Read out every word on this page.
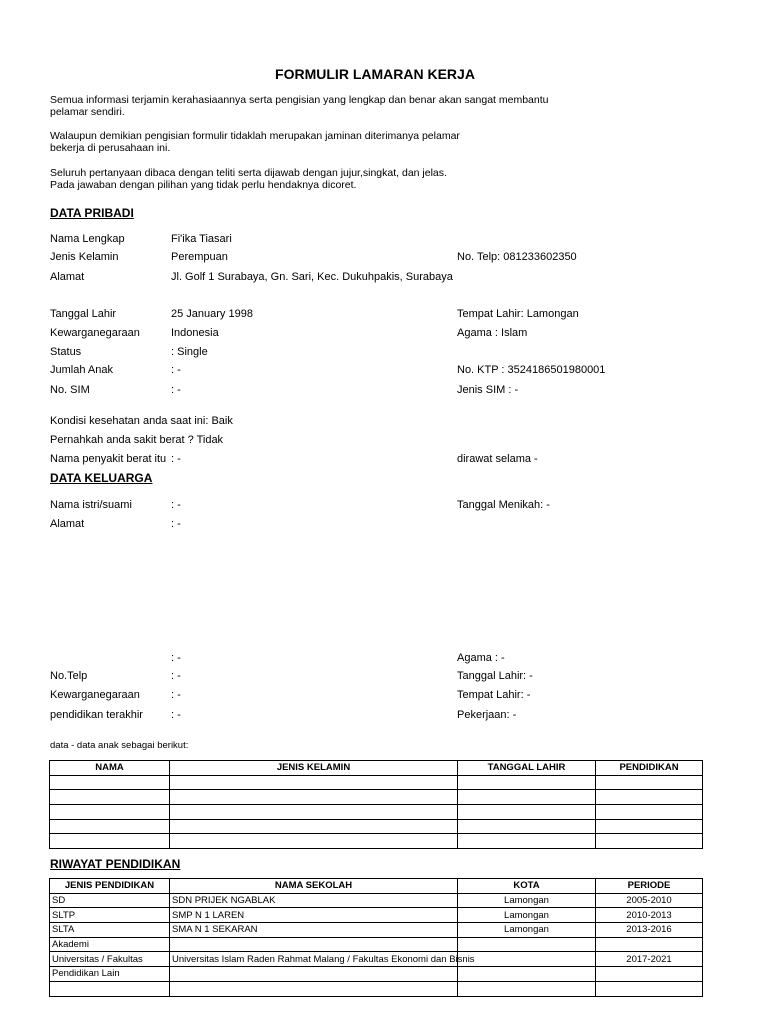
FORMULIR LAMARAN KERJA
Semua informasi terjamin kerahasiaannya serta pengisian yang lengkap dan benar akan sangat membantu pelamar sendiri.
Walaupun demikian pengisian formulir tidaklah merupakan jaminan diterimanya pelamar bekerja di perusahaan ini.
Seluruh pertanyaan dibaca dengan teliti serta dijawab dengan jujur,singkat, dan jelas. Pada jawaban dengan pilihan yang tidak perlu hendaknya dicoret.
DATA PRIBADI
Nama Lengkap	Fi'ika Tiasari
Jenis Kelamin	Perempuan	No. Telp: 081233602350
Alamat	Jl. Golf 1 Surabaya, Gn. Sari, Kec. Dukuhpakis, Surabaya
Tanggal Lahir	25 January 1998	Tempat Lahir: Lamongan
Kewarganegaraan	Indonesia	Agama : Islam
Status	: Single
Jumlah Anak	: -	No. KTP : 3524186501980001
No. SIM	: -	Jenis SIM : -
Kondisi kesehatan anda saat ini: Baik
Pernahkah anda sakit berat ? Tidak
Nama penyakit berat itu : -	dirawat selama -
DATA KELUARGA
Nama istri/suami	: -	Tanggal Menikah: -
Alamat	: -
: -	Agama : -
No.Telp	: -	Tanggal Lahir: -
Kewarganegaraan	: -	Tempat Lahir: -
pendidikan terakhir	: -	Pekerjaan: -
data - data anak sebagai berikut:
NAMA	JENIS KELAMIN	TANGGAL LAHIR	PENDIDIKAN

RIWAYAT PENDIDIKAN
JENIS PENDIDIKAN	NAMA SEKOLAH	KOTA	PERIODE
SD	SDN PRIJEK NGABLAK	Lamongan	2005-2010
SLTP	SMP N 1 LAREN	Lamongan	2010-2013
SLTA	SMA N 1 SEKARAN	Lamongan	2013-2016
Akademi			
Universitas / Fakultas	Universitas Islam Raden Rahmat Malang / Fakultas Ekonomi dan Bisnis		2017-2021
Pendidikan Lain			
